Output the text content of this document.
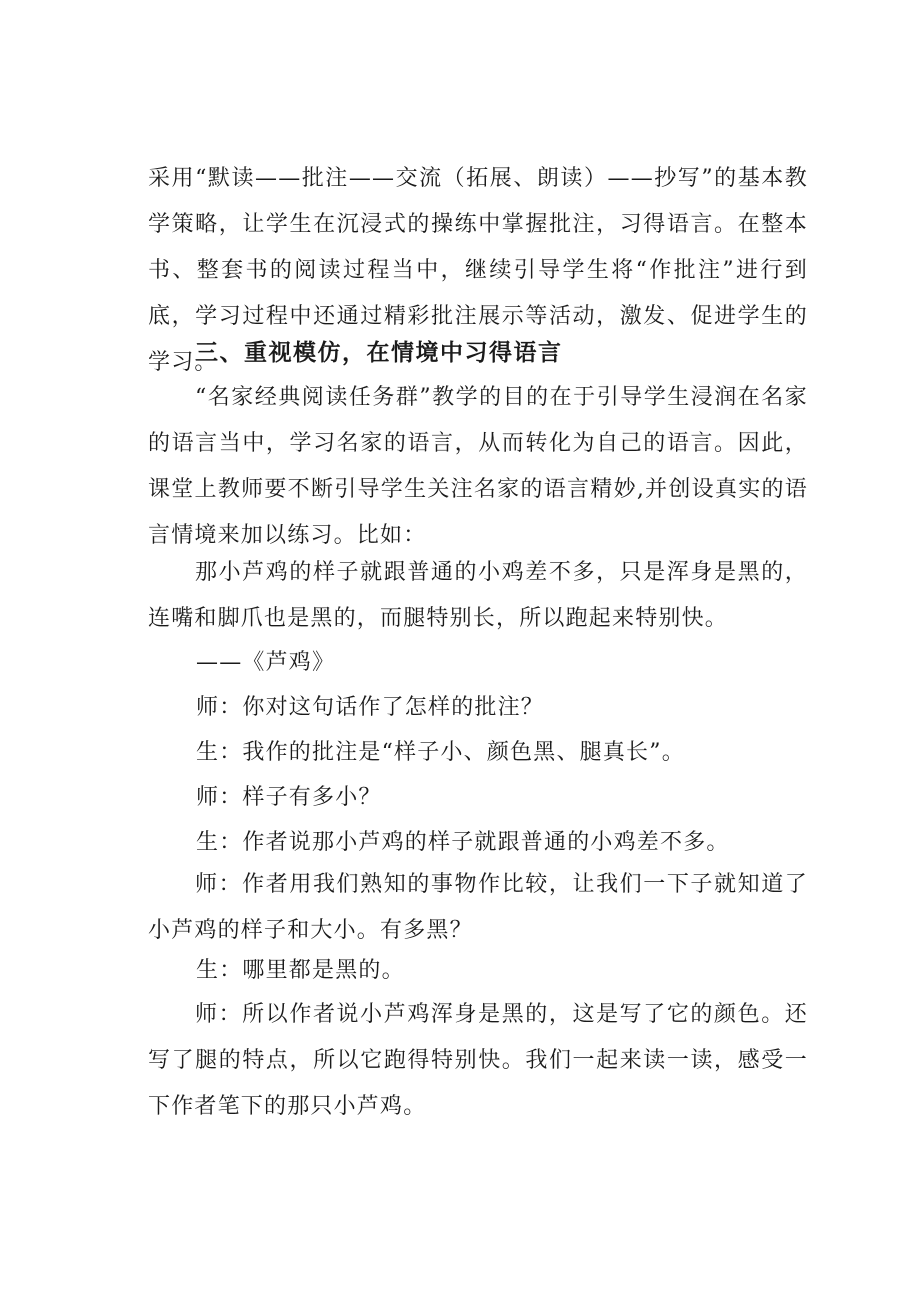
采用“默读——批注——交流（拓展、朗读）——抄写”的基本教学策略，让学生在沉浸式的操练中掌握批注，习得语言。在整本书、整套书的阅读过程当中，继续引导学生将“作批注”进行到底，学习过程中还通过精彩批注展示等活动，激发、促进学生的学习。

三、重视模仿，在情境中习得语言

“名家经典阅读任务群”教学的目的在于引导学生浸润在名家的语言当中，学习名家的语言，从而转化为自己的语言。因此，课堂上教师要不断引导学生关注名家的语言精妙,并创设真实的语言情境来加以练习。比如：

那小芦鸡的样子就跟普通的小鸡差不多，只是浑身是黑的，连嘴和脚爪也是黑的，而腿特别长，所以跑起来特别快。

——《芦鸡》

师：你对这句话作了怎样的批注？

生：我作的批注是“样子小、颜色黑、腿真长”。

师：样子有多小？

生：作者说那小芦鸡的样子就跟普通的小鸡差不多。

师：作者用我们熟知的事物作比较，让我们一下子就知道了小芦鸡的样子和大小。有多黑？

生：哪里都是黑的。

师：所以作者说小芦鸡浑身是黑的，这是写了它的颜色。还写了腿的特点，所以它跑得特别快。我们一起来读一读，感受一下作者笔下的那只小芦鸡。
